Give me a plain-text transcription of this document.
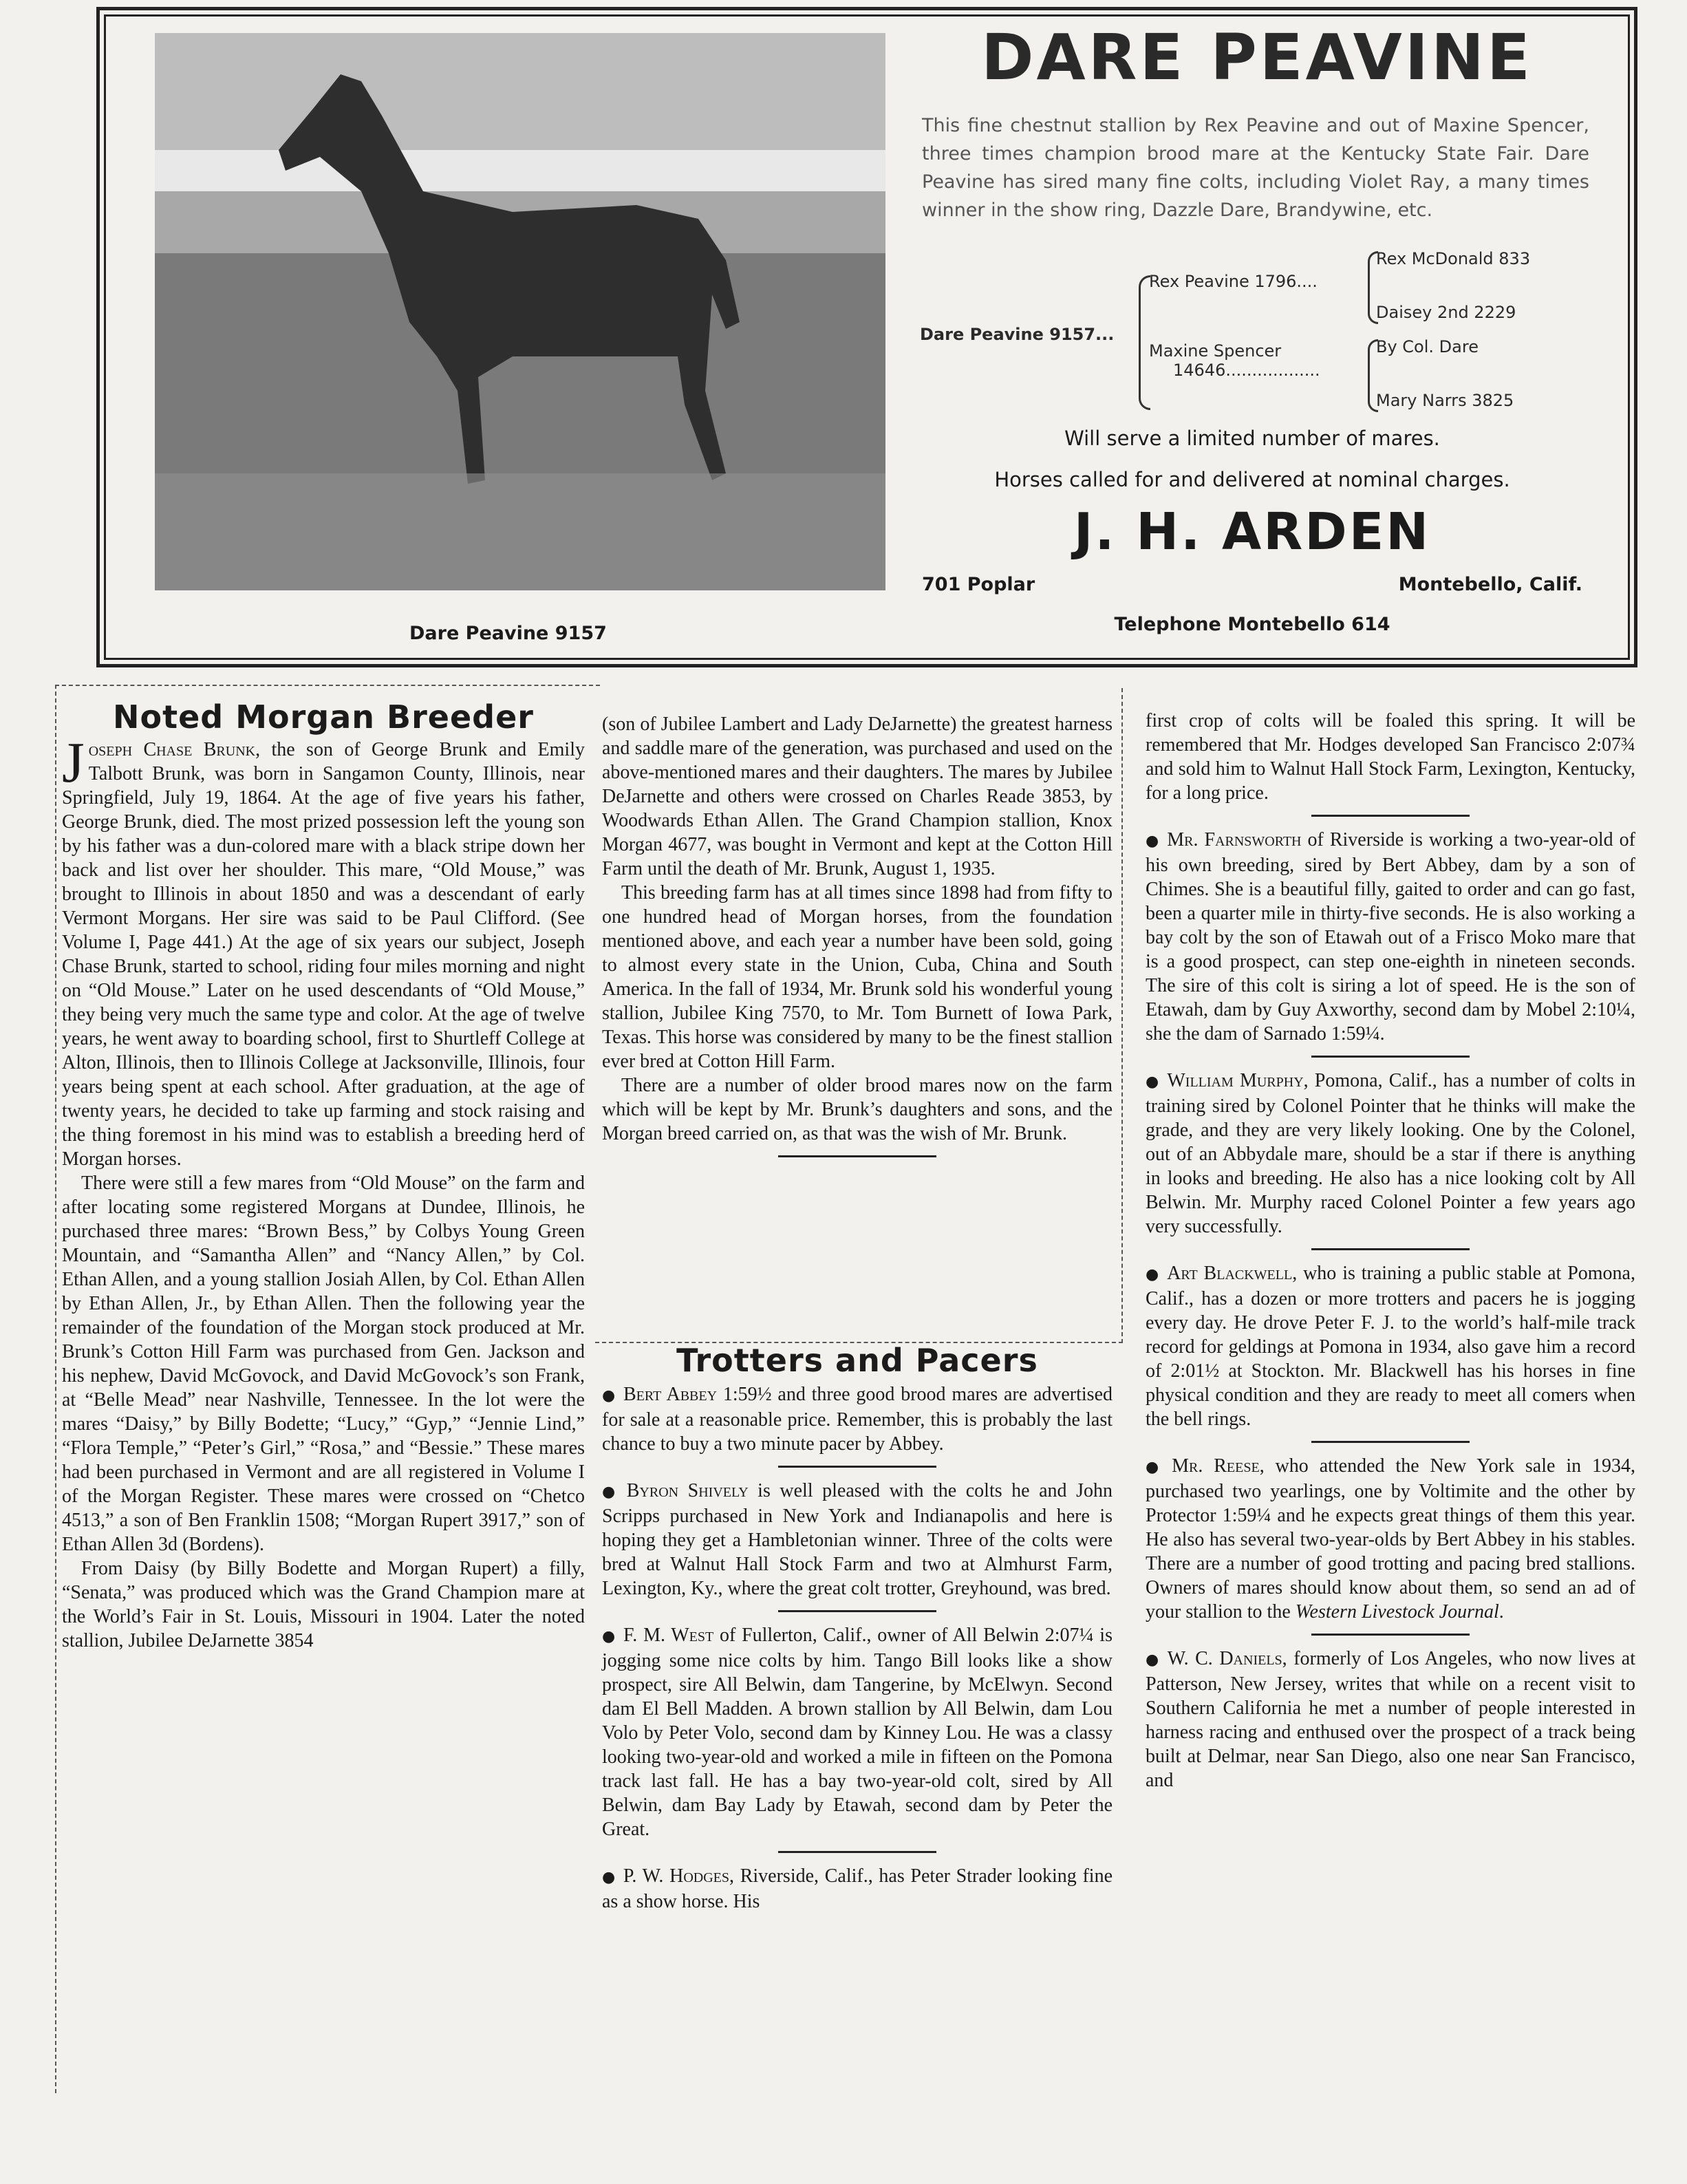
Dare Peavine 9157
DARE PEAVINE
This fine chestnut stallion by Rex Peavine and out of Maxine Spencer, three times champion brood mare at the Kentucky State Fair. Dare Peavine has sired many fine colts, including Violet Ray, a many times winner in the show ring, Dazzle Dare, Brandywine, etc.
Dare Peavine 9157...
Rex Peavine 1796....
Maxine Spencer
14646..................
Rex McDonald 833
Daisey 2nd 2229
By Col. Dare
Mary Narrs 3825
Will serve a limited number of mares.
Horses called for and delivered at nominal charges.
J. H. ARDEN
701 Poplar	Montebello, Calif.
Telephone Montebello 614
Noted Morgan Breeder

Joseph Chase Brunk, the son of George Brunk and Emily Talbott Brunk, was born in Sangamon County, Illinois, near Springfield, July 19, 1864. At the age of five years his father, George Brunk, died. The most prized possession left the young son by his father was a dun-colored mare with a black stripe down her back and list over her shoulder. This mare, “Old Mouse,” was brought to Illinois in about 1850 and was a descendant of early Vermont Morgans. Her sire was said to be Paul Clifford. (See Volume I, Page 441.) At the age of six years our subject, Joseph Chase Brunk, started to school, riding four miles morning and night on “Old Mouse.” Later on he used descendants of “Old Mouse,” they being very much the same type and color. At the age of twelve years, he went away to boarding school, first to Shurtleff College at Alton, Illinois, then to Illinois College at Jacksonville, Illinois, four years being spent at each school. After graduation, at the age of twenty years, he decided to take up farming and stock raising and the thing foremost in his mind was to establish a breeding herd of Morgan horses.

There were still a few mares from “Old Mouse” on the farm and after locating some registered Morgans at Dundee, Illinois, he purchased three mares: “Brown Bess,” by Colbys Young Green Mountain, and “Samantha Allen” and “Nancy Allen,” by Col. Ethan Allen, and a young stallion Josiah Allen, by Col. Ethan Allen by Ethan Allen, Jr., by Ethan Allen. Then the following year the remainder of the foundation of the Morgan stock produced at Mr. Brunk’s Cotton Hill Farm was purchased from Gen. Jackson and his nephew, David McGovock, and David McGovock’s son Frank, at “Belle Mead” near Nashville, Tennessee. In the lot were the mares “Daisy,” by Billy Bodette; “Lucy,” “Gyp,” “Jennie Lind,” “Flora Temple,” “Peter’s Girl,” “Rosa,” and “Bessie.” These mares had been purchased in Vermont and are all registered in Volume I of the Morgan Register. These mares were crossed on “Chetco 4513,” a son of Ben Franklin 1508; “Morgan Rupert 3917,” son of Ethan Allen 3d (Bordens).

From Daisy (by Billy Bodette and Morgan Rupert) a filly, “Senata,” was produced which was the Grand Champion mare at the World’s Fair in St. Louis, Missouri in 1904. Later the noted stallion, Jubilee DeJarnette 3854

(son of Jubilee Lambert and Lady DeJarnette) the greatest harness and saddle mare of the generation, was purchased and used on the above-mentioned mares and their daughters. The mares by Jubilee DeJarnette and others were crossed on Charles Reade 3853, by Woodwards Ethan Allen. The Grand Champion stallion, Knox Morgan 4677, was bought in Vermont and kept at the Cotton Hill Farm until the death of Mr. Brunk, August 1, 1935.

This breeding farm has at all times since 1898 had from fifty to one hundred head of Morgan horses, from the foundation mentioned above, and each year a number have been sold, going to almost every state in the Union, Cuba, China and South America. In the fall of 1934, Mr. Brunk sold his wonderful young stallion, Jubilee King 7570, to Mr. Tom Burnett of Iowa Park, Texas. This horse was considered by many to be the finest stallion ever bred at Cotton Hill Farm.

There are a number of older brood mares now on the farm which will be kept by Mr. Brunk’s daughters and sons, and the Morgan breed carried on, as that was the wish of Mr. Brunk.

Trotters and Pacers

● Bert Abbey 1:59½ and three good brood mares are advertised for sale at a reasonable price. Remember, this is probably the last chance to buy a two minute pacer by Abbey.

● Byron Shively is well pleased with the colts he and John Scripps purchased in New York and Indianapolis and here is hoping they get a Hambletonian winner. Three of the colts were bred at Walnut Hall Stock Farm and two at Almhurst Farm, Lexington, Ky., where the great colt trotter, Greyhound, was bred.

● F. M. West of Fullerton, Calif., owner of All Belwin 2:07¼ is jogging some nice colts by him. Tango Bill looks like a show prospect, sire All Belwin, dam Tangerine, by McElwyn. Second dam El Bell Madden. A brown stallion by All Belwin, dam Lou Volo by Peter Volo, second dam by Kinney Lou. He was a classy looking two-year-old and worked a mile in fifteen on the Pomona track last fall. He has a bay two-year-old colt, sired by All Belwin, dam Bay Lady by Etawah, second dam by Peter the Great.

● P. W. Hodges, Riverside, Calif., has Peter Strader looking fine as a show horse. His

first crop of colts will be foaled this spring. It will be remembered that Mr. Hodges developed San Francisco 2:07¾ and sold him to Walnut Hall Stock Farm, Lexington, Kentucky, for a long price.

● Mr. Farnsworth of Riverside is working a two-year-old of his own breeding, sired by Bert Abbey, dam by a son of Chimes. She is a beautiful filly, gaited to order and can go fast, been a quarter mile in thirty-five seconds. He is also working a bay colt by the son of Etawah out of a Frisco Moko mare that is a good prospect, can step one-eighth in nineteen seconds. The sire of this colt is siring a lot of speed. He is the son of Etawah, dam by Guy Axworthy, second dam by Mobel 2:10¼, she the dam of Sarnado 1:59¼.

● William Murphy, Pomona, Calif., has a number of colts in training sired by Colonel Pointer that he thinks will make the grade, and they are very likely looking. One by the Colonel, out of an Abbydale mare, should be a star if there is anything in looks and breeding. He also has a nice looking colt by All Belwin. Mr. Murphy raced Colonel Pointer a few years ago very successfully.

● Art Blackwell, who is training a public stable at Pomona, Calif., has a dozen or more trotters and pacers he is jogging every day. He drove Peter F. J. to the world’s half-mile track record for geldings at Pomona in 1934, also gave him a record of 2:01½ at Stockton. Mr. Blackwell has his horses in fine physical condition and they are ready to meet all comers when the bell rings.

● Mr. Reese, who attended the New York sale in 1934, purchased two yearlings, one by Voltimite and the other by Protector 1:59¼ and he expects great things of them this year. He also has several two-year-olds by Bert Abbey in his stables. There are a number of good trotting and pacing bred stallions. Owners of mares should know about them, so send an ad of your stallion to the Western Livestock Journal.

● W. C. Daniels, formerly of Los Angeles, who now lives at Patterson, New Jersey, writes that while on a recent visit to Southern California he met a number of people interested in harness racing and enthused over the prospect of a track being built at Delmar, near San Diego, also one near San Francisco, and
